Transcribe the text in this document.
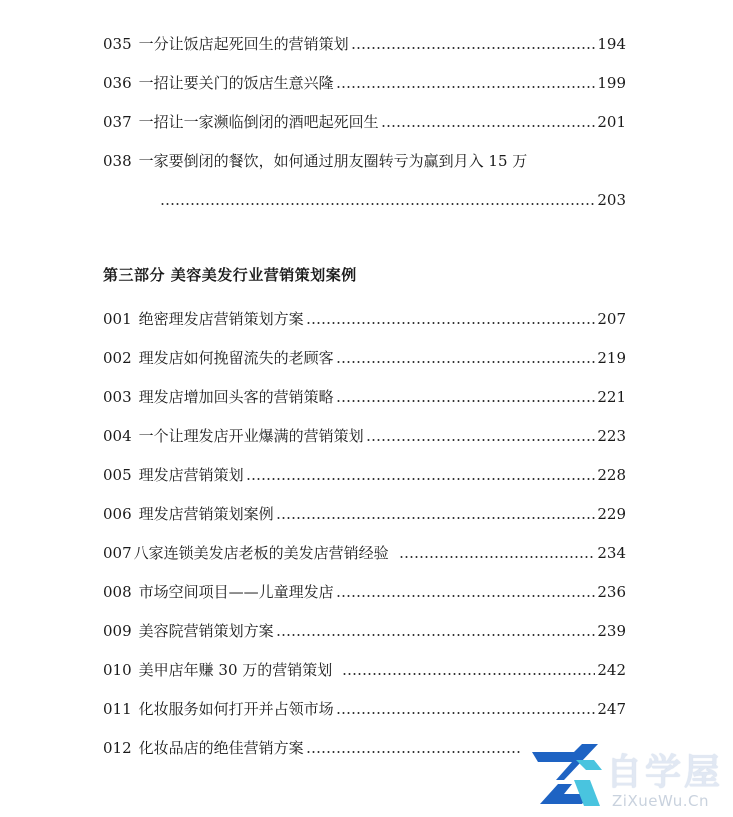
035 一分让饭店起死回生的营销策划	194
036 一招让要关门的饭店生意兴隆	199
037 一招让一家濒临倒闭的酒吧起死回生	201
038 一家要倒闭的餐饮，如何通过朋友圈转亏为赢到月入 15 万
203
第三部分 美容美发行业营销策划案例
001 绝密理发店营销策划方案	207
002 理发店如何挽留流失的老顾客	219
003 理发店增加回头客的营销策略	221
004 一个让理发店开业爆满的营销策划	223
005 理发店营销策划	228
006 理发店营销策划案例	229
007 八家连锁美发店老板的美发店营销经验	234
008 市场空间项目——儿童理发店	236
009 美容院营销策划方案	239
010 美甲店年赚 30 万的营销策划	242
011 化妆服务如何打开并占领市场	247
012 化妆品店的绝佳营销方案
自学屋
ZiXueWu.Cn
